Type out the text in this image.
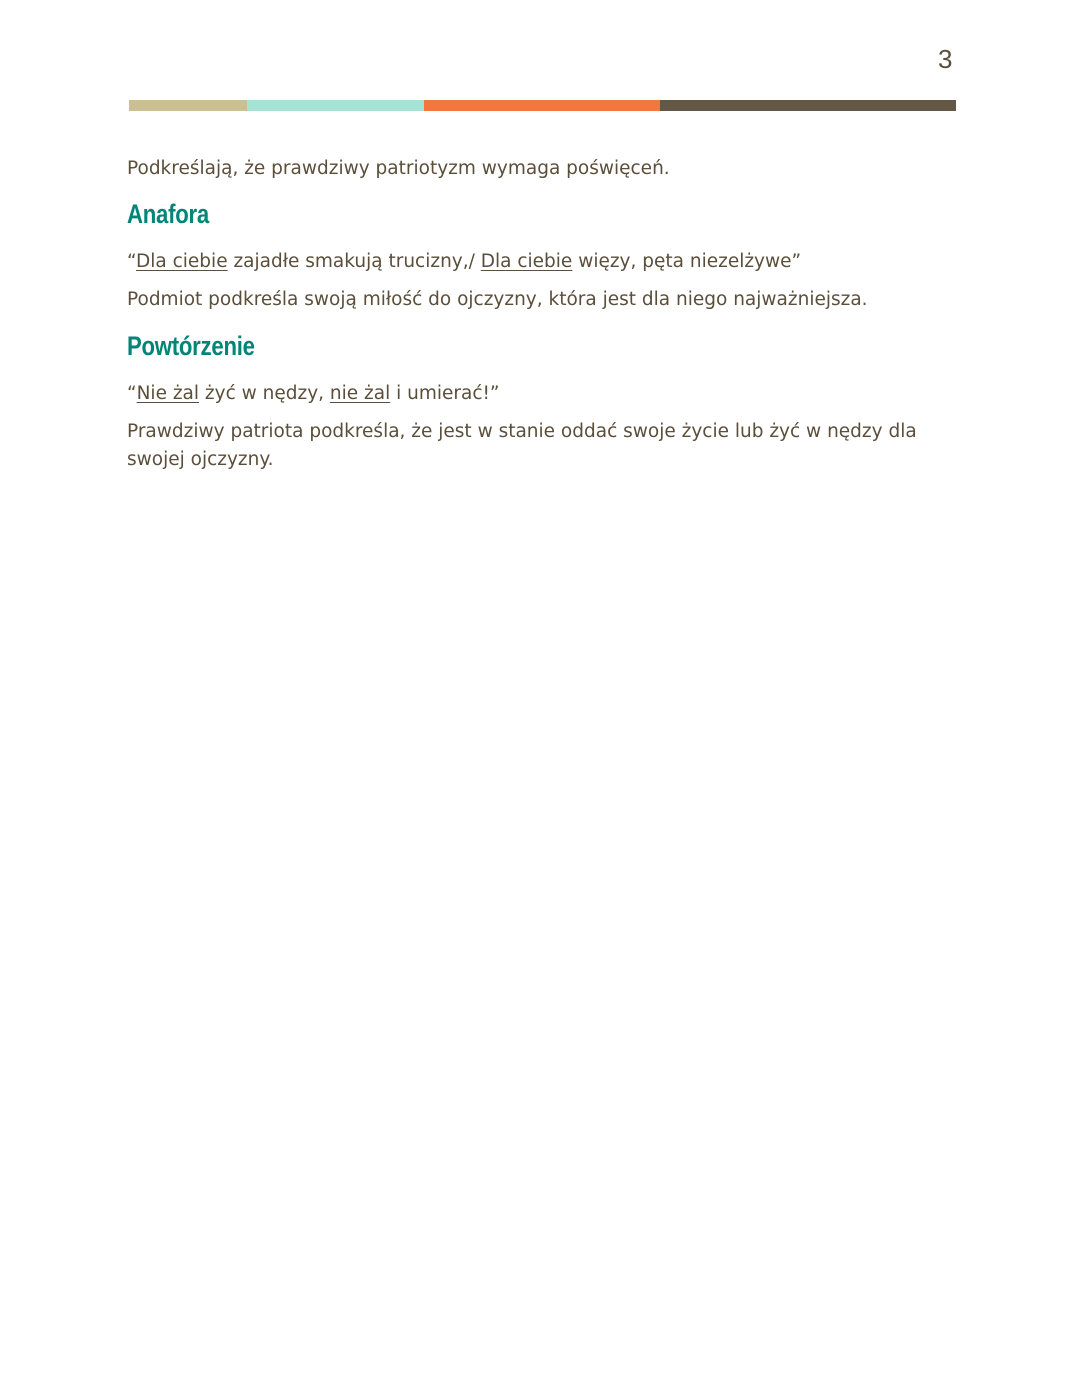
3

Podkreślają, że prawdziwy patriotyzm wymaga poświęceń.

Anafora

“Dla ciebie zajadłe smakują trucizny,/ Dla ciebie więzy, pęta niezelżywe”

Podmiot podkreśla swoją miłość do ojczyzny, która jest dla niego najważniejsza.

Powtórzenie

“Nie żal żyć w nędzy, nie żal i umierać!”

Prawdziwy patriota podkreśla, że jest w stanie oddać swoje życie lub żyć w nędzy dla swojej ojczyzny.
